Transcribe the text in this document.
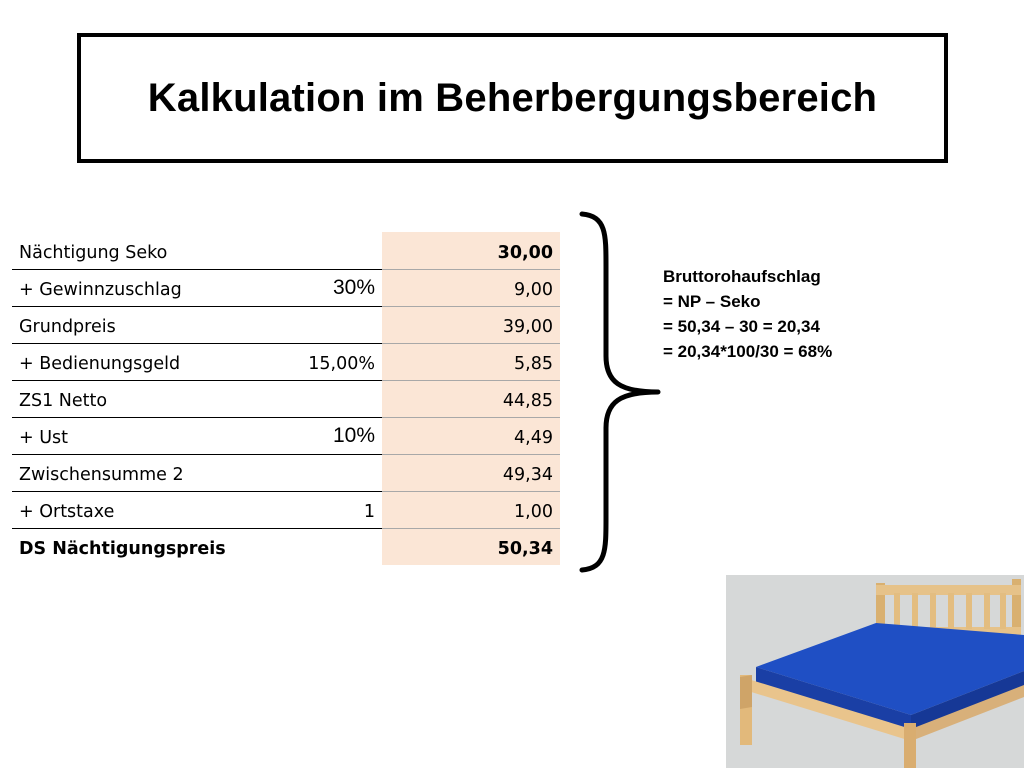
Kalkulation im Beherbergungsbereich
Nächtigung Seko		30,00
+ Gewinnzuschlag	30%	9,00
Grundpreis		39,00
+ Bedienungsgeld	15,00%	5,85
ZS1 Netto		44,85
+ Ust	10%	4,49
Zwischensumme 2		49,34
+ Ortstaxe	1	1,00
DS Nächtigungspreis		50,34
Bruttorohaufschlag
= NP – Seko
= 50,34 – 30 = 20,34
= 20,34*100/30 = 68%
